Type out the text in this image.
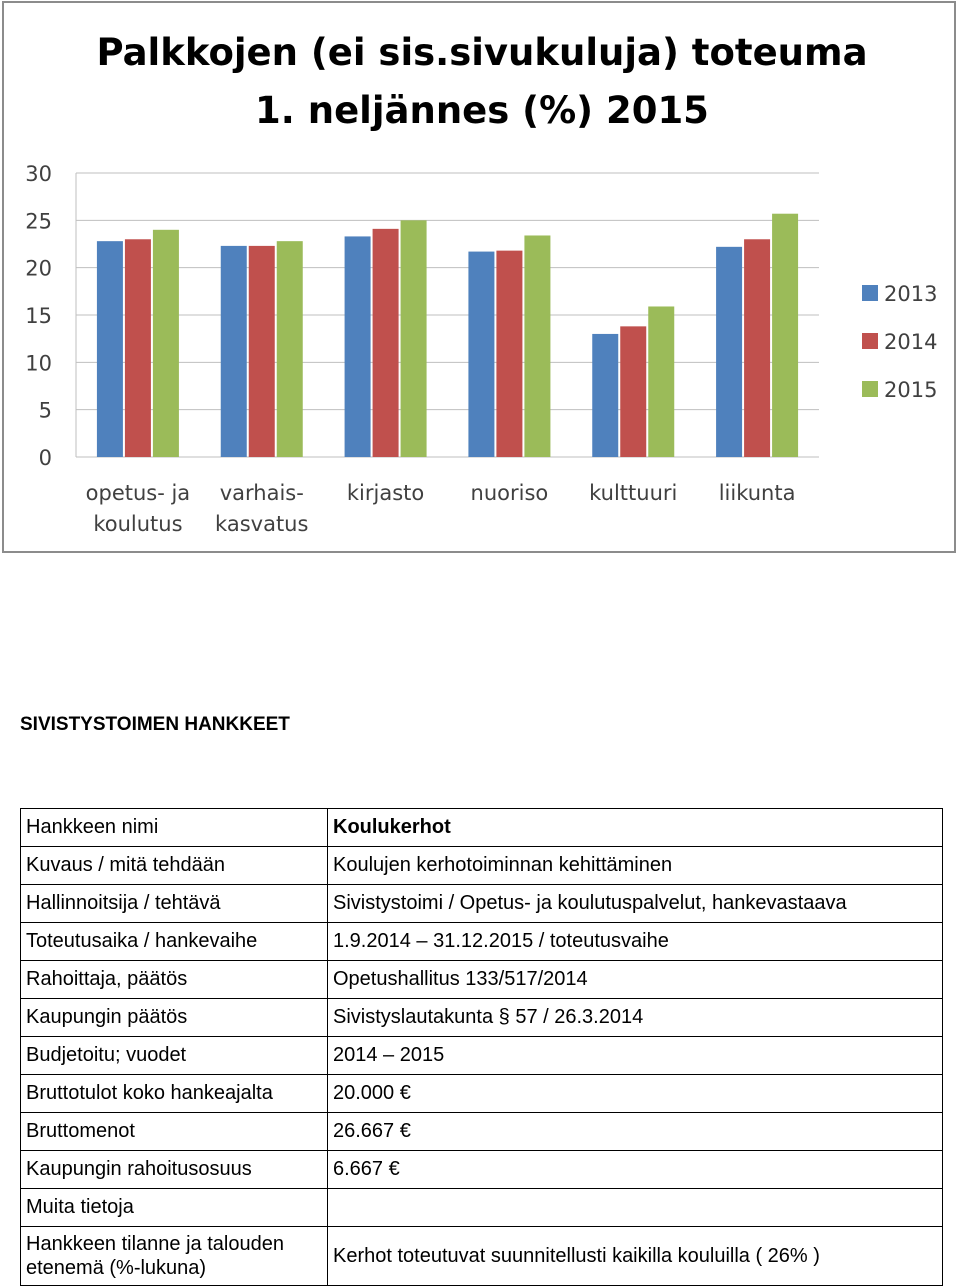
Palkkojen (ei sis.sivukuluja) toteuma
1. neljännes (%) 2015
0
5
10
15
20
25
30
opetus- ja
koulutus
varhais-
kasvatus
kirjasto nuoriso kulttuuri liikunta
2013
2014
2015
SIVISTYSTOIMEN HANKKEET
Hankkeen nimi	Koulukerhot
Kuvaus / mitä tehdään	Koulujen kerhotoiminnan kehittäminen
Hallinnoitsija / tehtävä	Sivistystoimi / Opetus- ja koulutuspalvelut, hankevastaava
Toteutusaika / hankevaihe	1.9.2014 – 31.12.2015 / toteutusvaihe
Rahoittaja, päätös	Opetushallitus 133/517/2014
Kaupungin päätös	Sivistyslautakunta § 57 / 26.3.2014
Budjetoitu; vuodet	2014 – 2015
Bruttotulot koko hankeajalta	20.000 €
Bruttomenot	26.667 €
Kaupungin rahoitusosuus	6.667 €
Muita tietoja	
Hankkeen tilanne ja talouden etenemä (%-lukuna)	Kerhot toteutuvat suunnitellusti kaikilla kouluilla ( 26% )
